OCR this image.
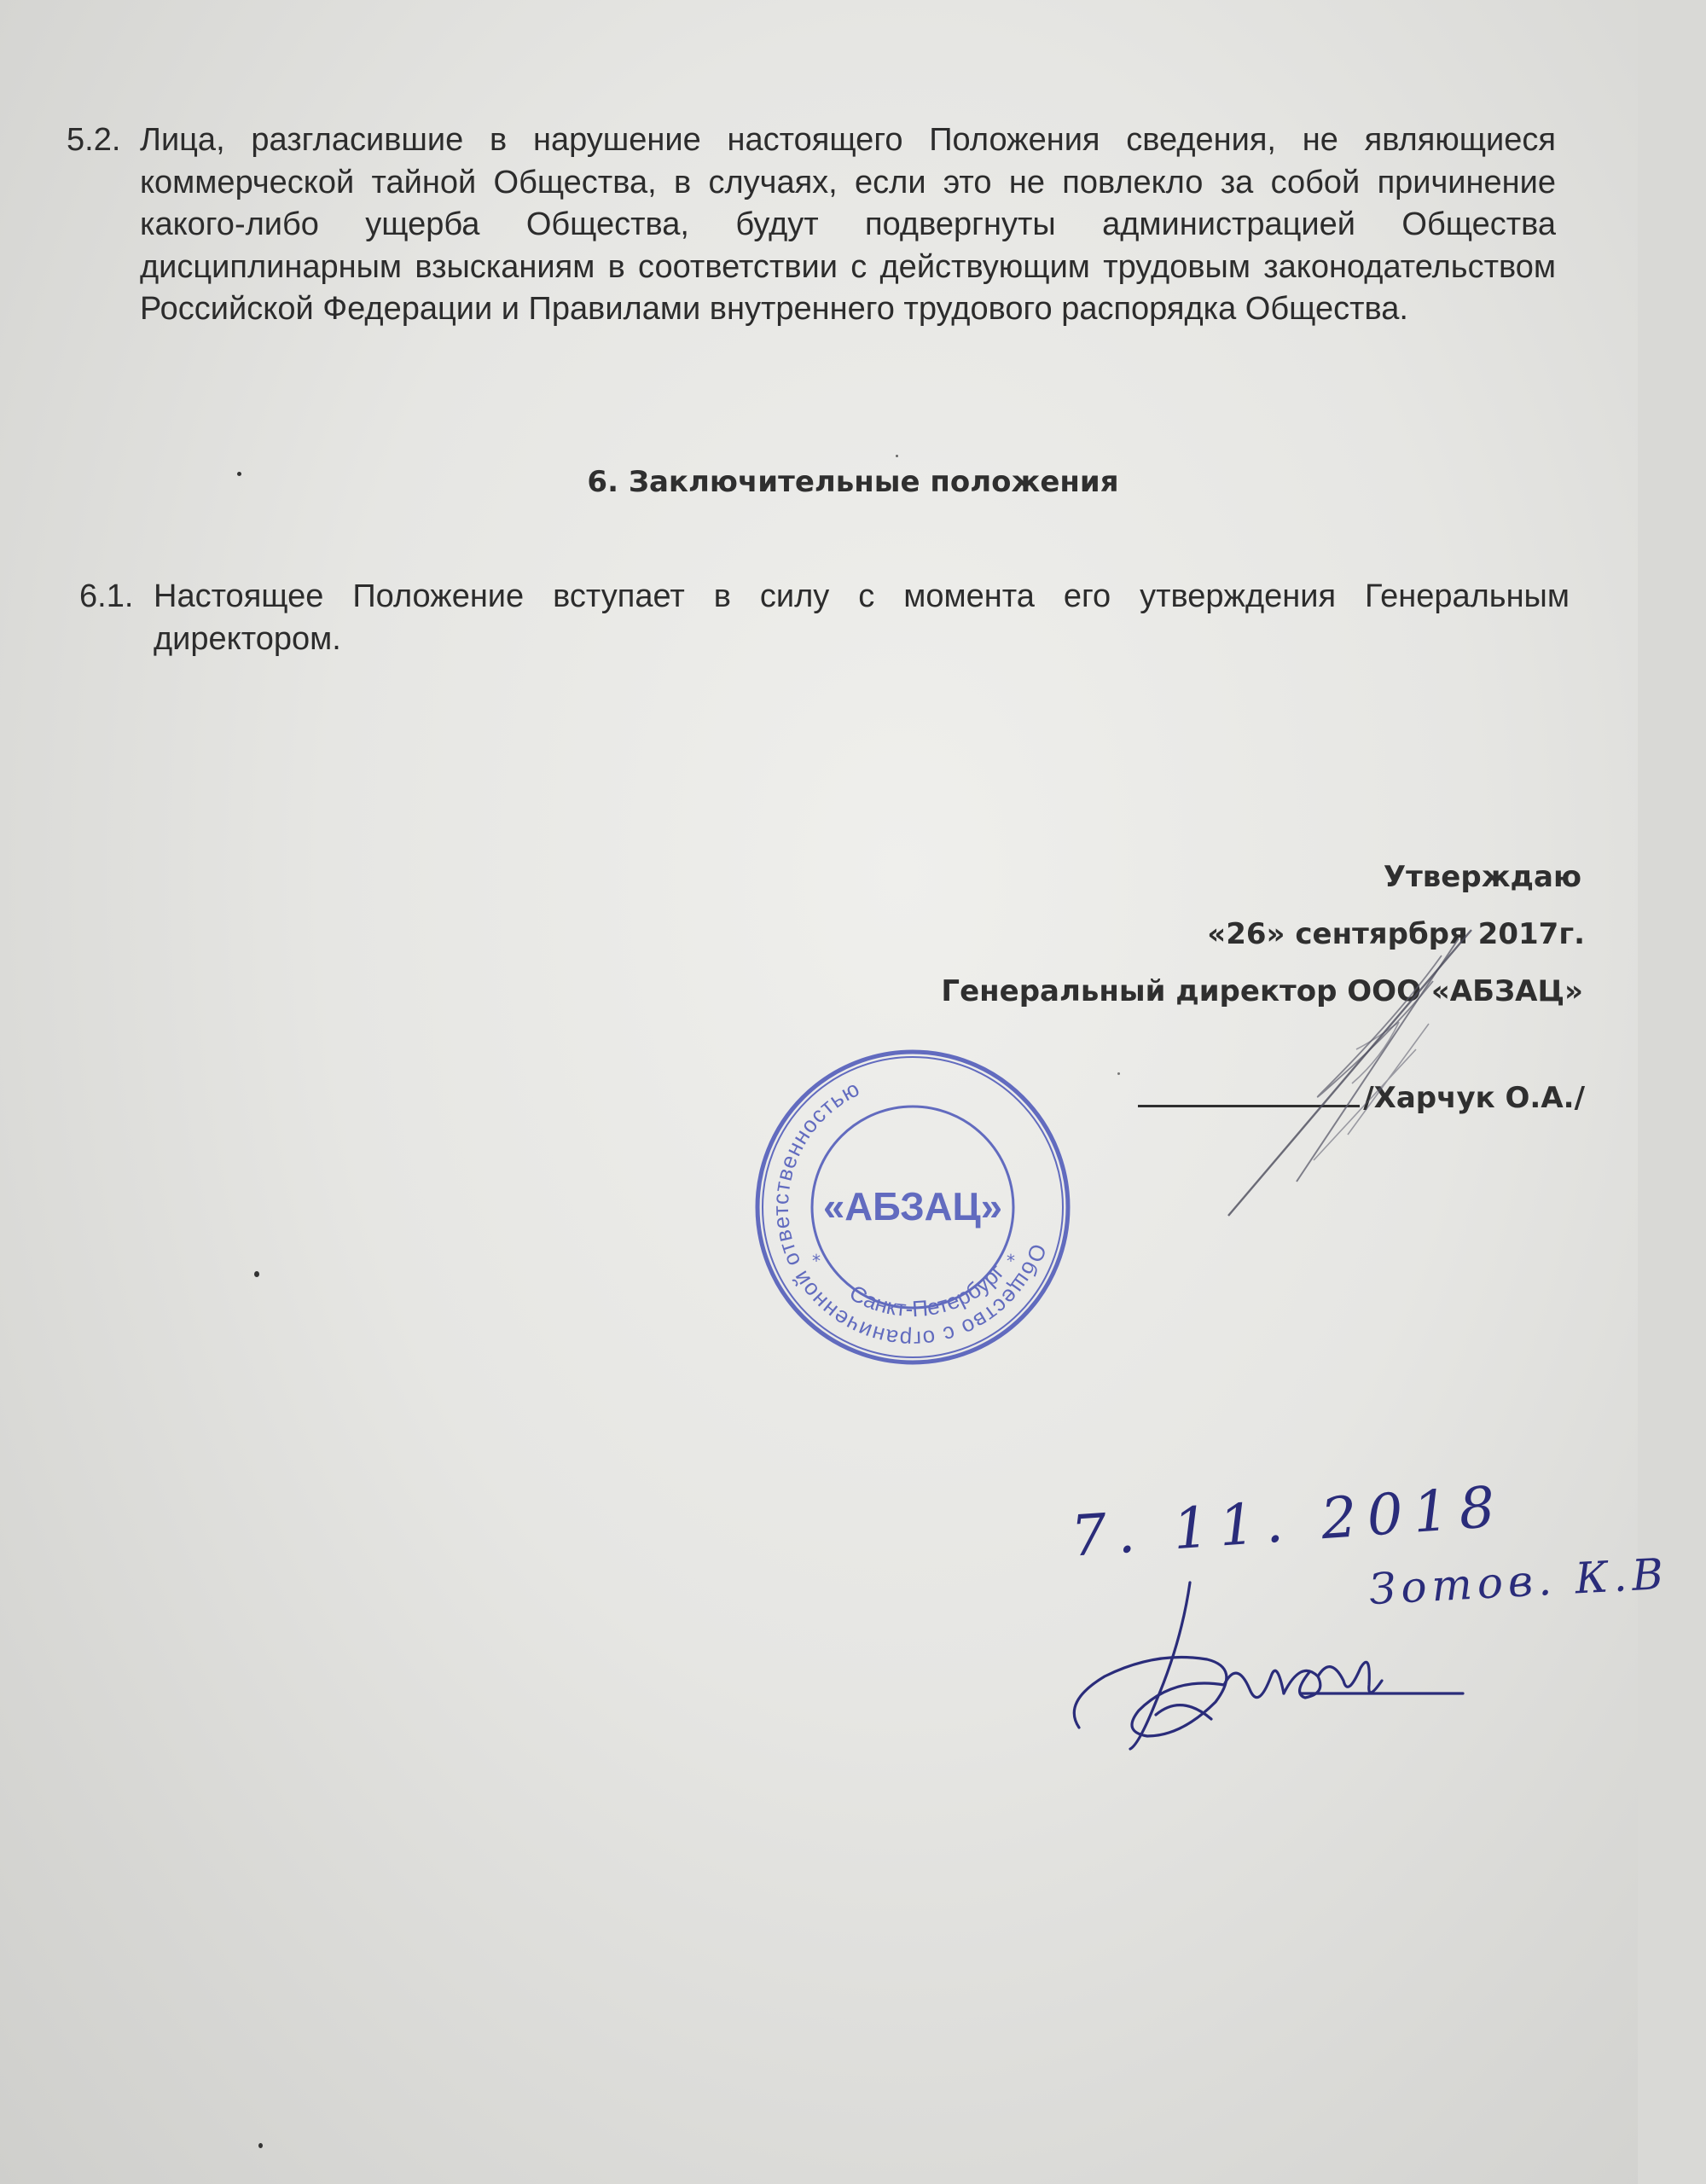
5.2. Лица, разгласившие в нарушение настоящего Положения сведения, не являющиеся коммерческой тайной Общества, в случаях, если это не повлекло за собой причинение какого-либо ущерба Общества, будут подвергнуты администрацией Общества дисциплинарным взысканиям в соответствии с действующим трудовым законодательством Российской Федерации и Правилами внутреннего трудового распорядка Общества.
6. Заключительные положения
6.1. Настоящее Положение вступает в силу с момента его утверждения Генеральным директором.
Утверждаю
«26» сентярбря 2017г.
Генеральный директор ООО «АБЗАЦ»
/Харчук О.А./
Общество с ограниченной ответственностью
Санкт-Петербург
*	*
«АБЗАЦ»
7. 11. 2018
Зотов. К.В
